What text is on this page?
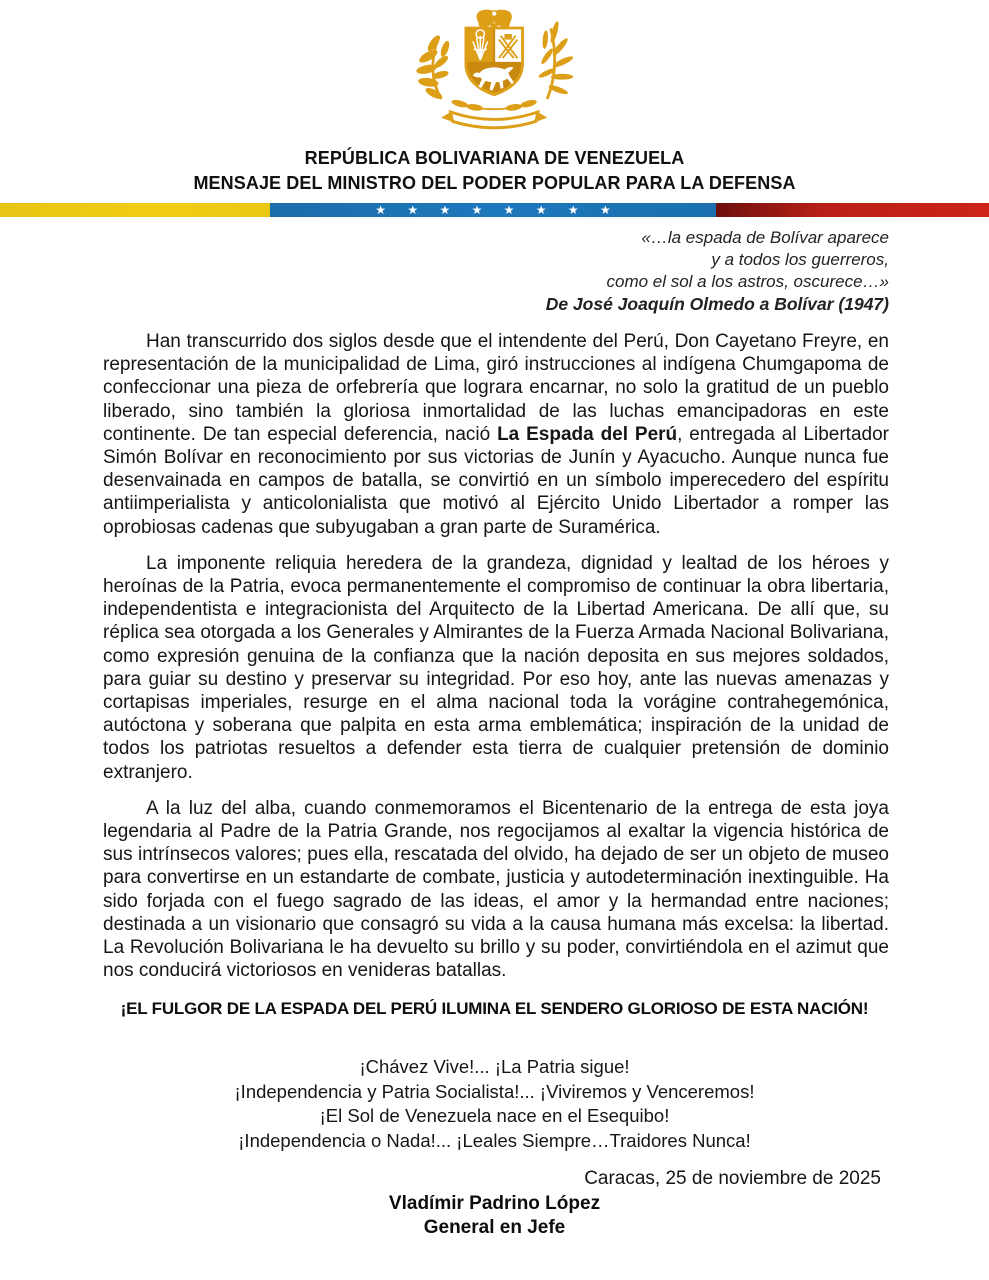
REPÚBLICA BOLIVARIANA DE VENEZUELA
MENSAJE DEL MINISTRO DEL PODER POPULAR PARA LA DEFENSA
★ ★ ★ ★ ★ ★ ★ ★
«…la espada de Bolívar aparece
y a todos los guerreros,
como el sol a los astros, oscurece…»
De José Joaquín Olmedo a Bolívar (1947)

Han transcurrido dos siglos desde que el intendente del Perú, Don Cayetano Freyre, en representación de la municipalidad de Lima, giró instrucciones al indígena Chumgapoma de confeccionar una pieza de orfebrería que lograra encarnar, no solo la gratitud de un pueblo liberado, sino también la gloriosa inmortalidad de las luchas emancipadoras en este continente. De tan especial deferencia, nació La Espada del Perú, entregada al Libertador Simón Bolívar en reconocimiento por sus victorias de Junín y Ayacucho. Aunque nunca fue desenvainada en campos de batalla, se convirtió en un símbolo imperecedero del espíritu antiimperialista y anticolonialista que motivó al Ejército Unido Libertador a romper las oprobiosas cadenas que subyugaban a gran parte de Suramérica.

La imponente reliquia heredera de la grandeza, dignidad y lealtad de los héroes y heroínas de la Patria, evoca permanentemente el compromiso de continuar la obra libertaria, independentista e integracionista del Arquitecto de la Libertad Americana. De allí que, su réplica sea otorgada a los Generales y Almirantes de la Fuerza Armada Nacional Bolivariana, como expresión genuina de la confianza que la nación deposita en sus mejores soldados, para guiar su destino y preservar su integridad. Por eso hoy, ante las nuevas amenazas y cortapisas imperiales, resurge en el alma nacional toda la vorágine contrahegemónica, autóctona y soberana que palpita en esta arma emblemática; inspiración de la unidad de todos los patriotas resueltos a defender esta tierra de cualquier pretensión de dominio extranjero.

A la luz del alba, cuando conmemoramos el Bicentenario de la entrega de esta joya legendaria al Padre de la Patria Grande, nos regocijamos al exaltar la vigencia histórica de sus intrínsecos valores; pues ella, rescatada del olvido, ha dejado de ser un objeto de museo para convertirse en un estandarte de combate, justicia y autodeterminación inextinguible. Ha sido forjada con el fuego sagrado de las ideas, el amor y la hermandad entre naciones; destinada a un visionario que consagró su vida a la causa humana más excelsa: la libertad. La Revolución Bolivariana le ha devuelto su brillo y su poder, convirtiéndola en el azimut que nos conducirá victoriosos en venideras batallas.

¡EL FULGOR DE LA ESPADA DEL PERÚ ILUMINA EL SENDERO GLORIOSO DE ESTA NACIÓN!
¡Chávez Vive!... ¡La Patria sigue!
¡Independencia y Patria Socialista!... ¡Viviremos y Venceremos!
¡El Sol de Venezuela nace en el Esequibo!
¡Independencia o Nada!... ¡Leales Siempre…Traidores Nunca!
Caracas, 25 de noviembre de 2025
Vladímir Padrino López
General en Jefe
